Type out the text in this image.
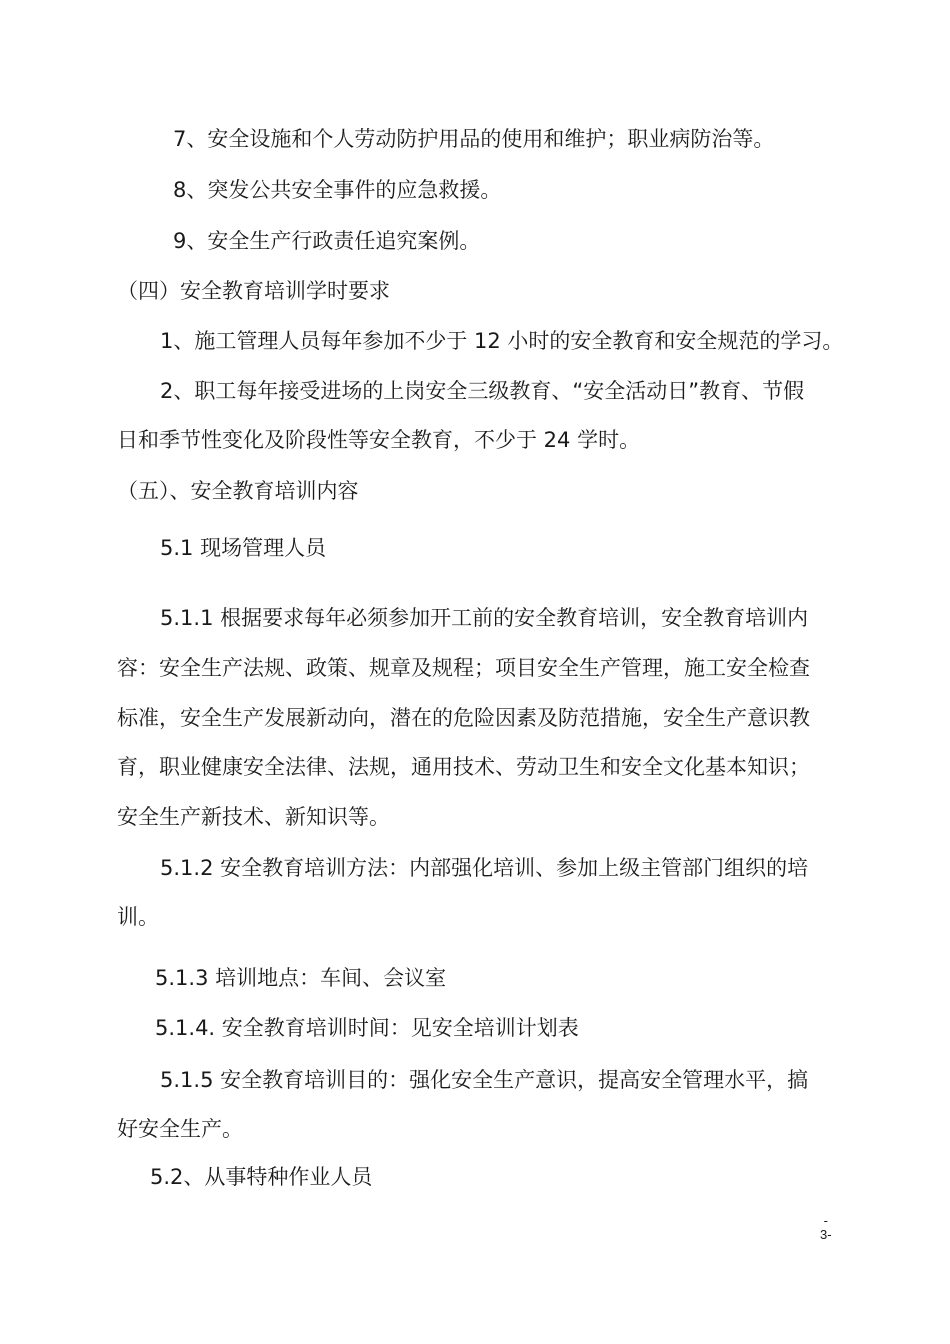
7、安全设施和个人劳动防护用品的使用和维护；职业病防治等。
8、突发公共安全事件的应急救援。
9、安全生产行政责任追究案例。
（四）安全教育培训学时要求
1、施工管理人员每年参加不少于 12 小时的安全教育和安全规范的学习。
2、职工每年接受进场的上岗安全三级教育、“安全活动日”教育、节假
日和季节性变化及阶段性等安全教育，不少于 24 学时。
（五）、安全教育培训内容
5.1 现场管理人员
5.1.1 根据要求每年必须参加开工前的安全教育培训，安全教育培训内
容：安全生产法规、政策、规章及规程；项目安全生产管理，施工安全检查
标准，安全生产发展新动向，潜在的危险因素及防范措施，安全生产意识教
育，职业健康安全法律、法规，通用技术、劳动卫生和安全文化基本知识；
安全生产新技术、新知识等。
5.1.2 安全教育培训方法：内部强化培训、参加上级主管部门组织的培
训。
5.1.3 培训地点：车间、会议室
5.1.4. 安全教育培训时间：见安全培训计划表
5.1.5 安全教育培训目的：强化安全生产意识，提高安全管理水平，搞
好安全生产。
5.2、从事特种作业人员
-
3-
